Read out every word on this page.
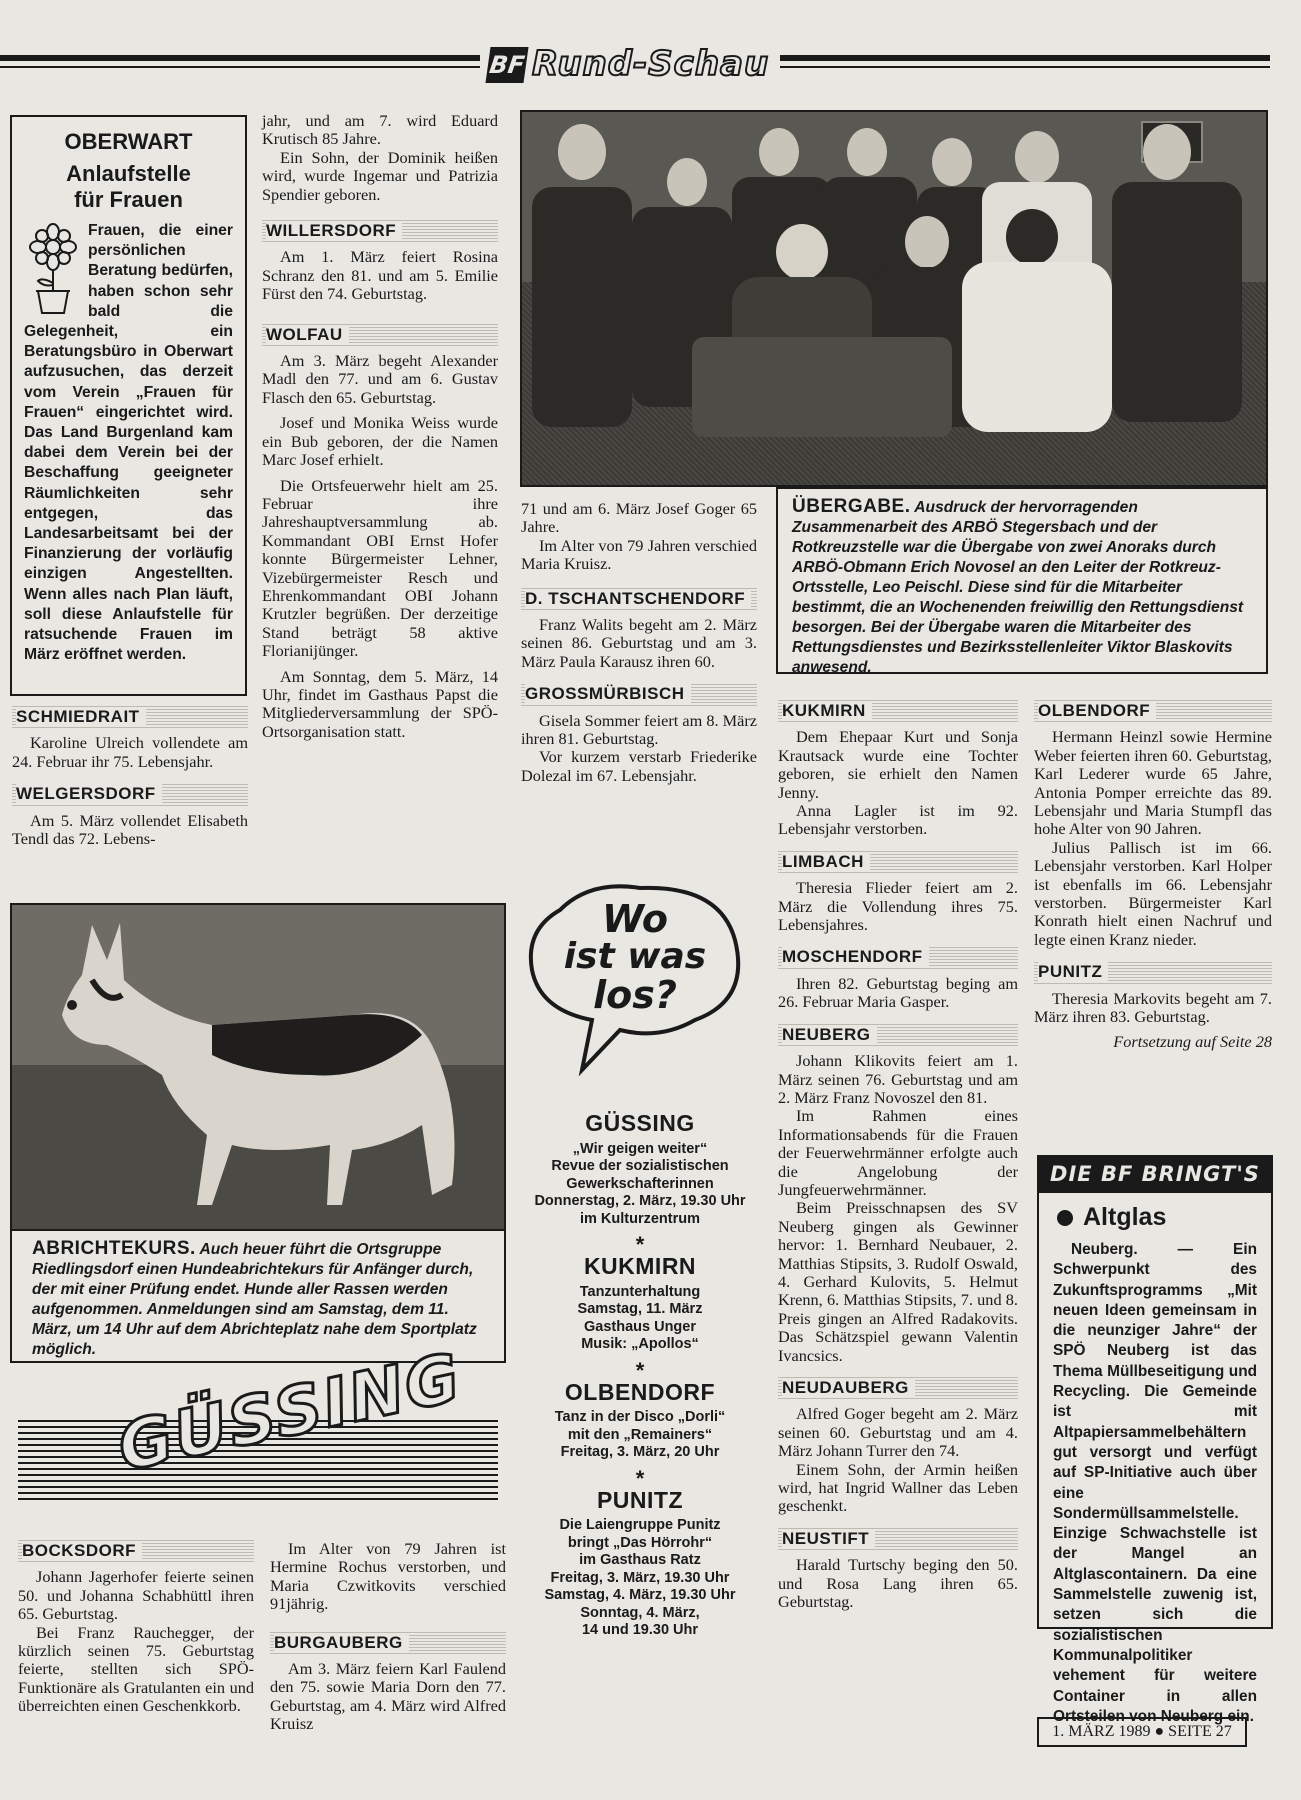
BF Rund-Schau
OBERWART
Anlaufstelle
für Frauen
Frauen, die einer persönlichen Beratung bedürfen, haben schon sehr bald die Gelegenheit, ein Beratungsbüro in Oberwart aufzusuchen, das derzeit vom Verein „Frauen für Frauen“ eingerichtet wird. Das Land Burgenland kam dabei dem Verein bei der Beschaffung geeigneter Räumlichkeiten sehr entgegen, das Landesarbeitsamt bei der Finanzierung der vorläufig einzigen Angestellten. Wenn alles nach Plan läuft, soll diese Anlaufstelle für ratsuchende Frauen im März eröffnet werden.
SCHMIEDRAIT
Karoline Ulreich vollendete am 24. Februar ihr 75. Lebensjahr.
WELGERSDORF
Am 5. März vollendet Elisabeth Tendl das 72. Lebens-
jahr, und am 7. wird Eduard Krutisch 85 Jahre.
Ein Sohn, der Dominik heißen wird, wurde Ingemar und Patrizia Spendier geboren.
WILLERSDORF
Am 1. März feiert Rosina Schranz den 81. und am 5. Emilie Fürst den 74. Geburtstag.
WOLFAU
Am 3. März begeht Alexander Madl den 77. und am 6. Gustav Flasch den 65. Geburtstag.
Josef und Monika Weiss wurde ein Bub geboren, der die Namen Marc Josef erhielt.
Die Ortsfeuerwehr hielt am 25. Februar ihre Jahreshauptversammlung ab. Kommandant OBI Ernst Hofer konnte Bürgermeister Lehner, Vizebürgermeister Resch und Ehrenkommandant OBI Johann Krutzler begrüßen. Der derzeitige Stand beträgt 58 aktive Florianijünger.
Am Sonntag, dem 5. März, 14 Uhr, findet im Gasthaus Papst die Mitgliederversammlung der SPÖ-Ortsorganisation statt.
ÜBERGABE. Ausdruck der hervorragenden Zusammenarbeit des ARBÖ Stegersbach und der Rotkreuzstelle war die Übergabe von zwei Anoraks durch ARBÖ-Obmann Erich Novosel an den Leiter der Rotkreuz-Ortsstelle, Leo Peischl. Diese sind für die Mitarbeiter bestimmt, die an Wochenenden freiwillig den Rettungsdienst besorgen. Bei der Übergabe waren die Mitarbeiter des Rettungsdienstes und Bezirksstellenleiter Viktor Blaskovits anwesend.
71 und am 6. März Josef Goger 65 Jahre.
Im Alter von 79 Jahren verschied Maria Kruisz.
D. TSCHANTSCHENDORF
Franz Walits begeht am 2. März seinen 86. Geburtstag und am 3. März Paula Karausz ihren 60.
GROSSMÜRBISCH
Gisela Sommer feiert am 8. März ihren 81. Geburtstag.
Vor kurzem verstarb Friederike Dolezal im 67. Lebensjahr.
Wo
ist was
los?
GÜSSING
„Wir geigen weiter“
Revue der sozialistischen
Gewerkschafterinnen
Donnerstag, 2. März, 19.30 Uhr
im Kulturzentrum
*
KUKMIRN
Tanzunterhaltung
Samstag, 11. März
Gasthaus Unger
Musik: „Apollos“
*
OLBENDORF
Tanz in der Disco „Dorli“
mit den „Remainers“
Freitag, 3. März, 20 Uhr
*
PUNITZ
Die Laiengruppe Punitz
bringt „Das Hörrohr“
im Gasthaus Ratz
Freitag, 3. März, 19.30 Uhr
Samstag, 4. März, 19.30 Uhr
Sonntag, 4. März,
14 und 19.30 Uhr
KUKMIRN
Dem Ehepaar Kurt und Sonja Krautsack wurde eine Tochter geboren, sie erhielt den Namen Jenny.
Anna Lagler ist im 92. Lebensjahr verstorben.
LIMBACH
Theresia Flieder feiert am 2. März die Vollendung ihres 75. Lebensjahres.
MOSCHENDORF
Ihren 82. Geburtstag beging am 26. Februar Maria Gasper.
NEUBERG
Johann Klikovits feiert am 1. März seinen 76. Geburtstag und am 2. März Franz Novoszel den 81.
Im Rahmen eines Informationsabends für die Frauen der Feuerwehrmänner erfolgte auch die Angelobung der Jungfeuerwehrmänner.
Beim Preisschnapsen des SV Neuberg gingen als Gewinner hervor: 1. Bernhard Neubauer, 2. Matthias Stipsits, 3. Rudolf Oswald, 4. Gerhard Kulovits, 5. Helmut Krenn, 6. Matthias Stipsits, 7. und 8. Preis gingen an Alfred Radakovits. Das Schätzspiel gewann Valentin Ivancsics.
NEUDAUBERG
Alfred Goger begeht am 2. März seinen 60. Geburtstag und am 4. März Johann Turrer den 74.
Einem Sohn, der Armin heißen wird, hat Ingrid Wallner das Leben geschenkt.
NEUSTIFT
Harald Turtschy beging den 50. und Rosa Lang ihren 65. Geburtstag.
OLBENDORF
Hermann Heinzl sowie Hermine Weber feierten ihren 60. Geburtstag, Karl Lederer wurde 65 Jahre, Antonia Pomper erreichte das 89. Lebensjahr und Maria Stumpfl das hohe Alter von 90 Jahren.
Julius Pallisch ist im 66. Lebensjahr verstorben. Karl Holper ist ebenfalls im 66. Lebensjahr verstorben. Bürgermeister Karl Konrath hielt einen Nachruf und legte einen Kranz nieder.
PUNITZ
Theresia Markovits begeht am 7. März ihren 83. Geburtstag.
Fortsetzung auf Seite 28
DIE BF BRINGT'S
Altglas
Neuberg. — Ein Schwerpunkt des Zukunftsprogramms „Mit neuen Ideen gemeinsam in die neunziger Jahre“ der SPÖ Neuberg ist das Thema Müllbeseitigung und Recycling. Die Gemeinde ist mit Altpapiersammelbehältern gut versorgt und verfügt auf SP-Initiative auch über eine Sondermüllsammelstelle. Einzige Schwachstelle ist der Mangel an Altglascontainern. Da eine Sammelstelle zuwenig ist, setzen sich die sozialistischen Kommunalpolitiker vehement für weitere Container in allen Ortsteilen von Neuberg ein.
ABRICHTEKURS. Auch heuer führt die Ortsgruppe Riedlingsdorf einen Hundeabrichtekurs für Anfänger durch, der mit einer Prüfung endet. Hunde aller Rassen werden aufgenommen. Anmeldungen sind am Samstag, dem 11. März, um 14 Uhr auf dem Abrichteplatz nahe dem Sportplatz möglich. GÜSSING
BOCKSDORF
Johann Jagerhofer feierte seinen 50. und Johanna Schabhüttl ihren 65. Geburtstag.
Bei Franz Rauchegger, der kürzlich seinen 75. Geburtstag feierte, stellten sich SPÖ-Funktionäre als Gratulanten ein und überreichten einen Geschenkkorb.
Im Alter von 79 Jahren ist Hermine Rochus verstorben, und Maria Czwitkovits verschied 91jährig.
BURGAUBERG
Am 3. März feiern Karl Faulend den 75. sowie Maria Dorn den 77. Geburtstag, am 4. März wird Alfred Kruisz	1. MÄRZ 1989 ● SEITE 27
